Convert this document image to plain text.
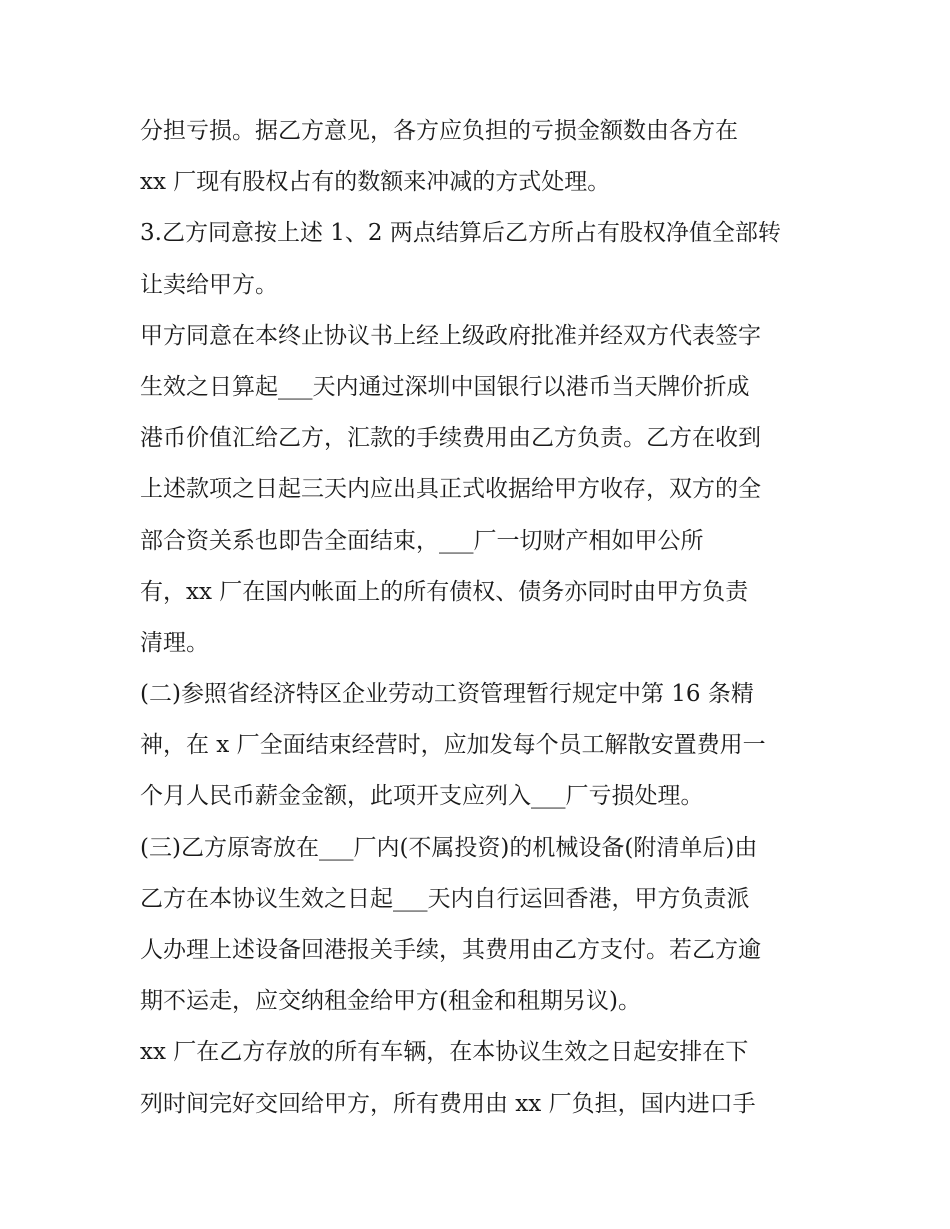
分担亏损。据乙方意见，各方应负担的亏损金额数由各方在
xx 厂现有股权占有的数额来冲减的方式处理。
3.乙方同意按上述 1、2 两点结算后乙方所占有股权净值全部转
让卖给甲方。
甲方同意在本终止协议书上经上级政府批准并经双方代表签字
生效之日算起___天内通过深圳中国银行以港币当天牌价折成
港币价值汇给乙方，汇款的手续费用由乙方负责。乙方在收到
上述款项之日起三天内应出具正式收据给甲方收存，双方的全
部合资关系也即告全面结束，___厂一切财产相如甲公所
有，xx 厂在国内帐面上的所有债权、债务亦同时由甲方负责
清理。
(二)参照省经济特区企业劳动工资管理暂行规定中第 16 条精
神，在 x 厂全面结束经营时，应加发每个员工解散安置费用一
个月人民币薪金金额，此项开支应列入___厂亏损处理。
(三)乙方原寄放在___厂内(不属投资)的机械设备(附清单后)由
乙方在本协议生效之日起___天内自行运回香港，甲方负责派
人办理上述设备回港报关手续，其费用由乙方支付。若乙方逾
期不运走，应交纳租金给甲方(租金和租期另议)。
xx 厂在乙方存放的所有车辆，在本协议生效之日起安排在下
列时间完好交回给甲方，所有费用由 xx 厂负担，国内进口手
